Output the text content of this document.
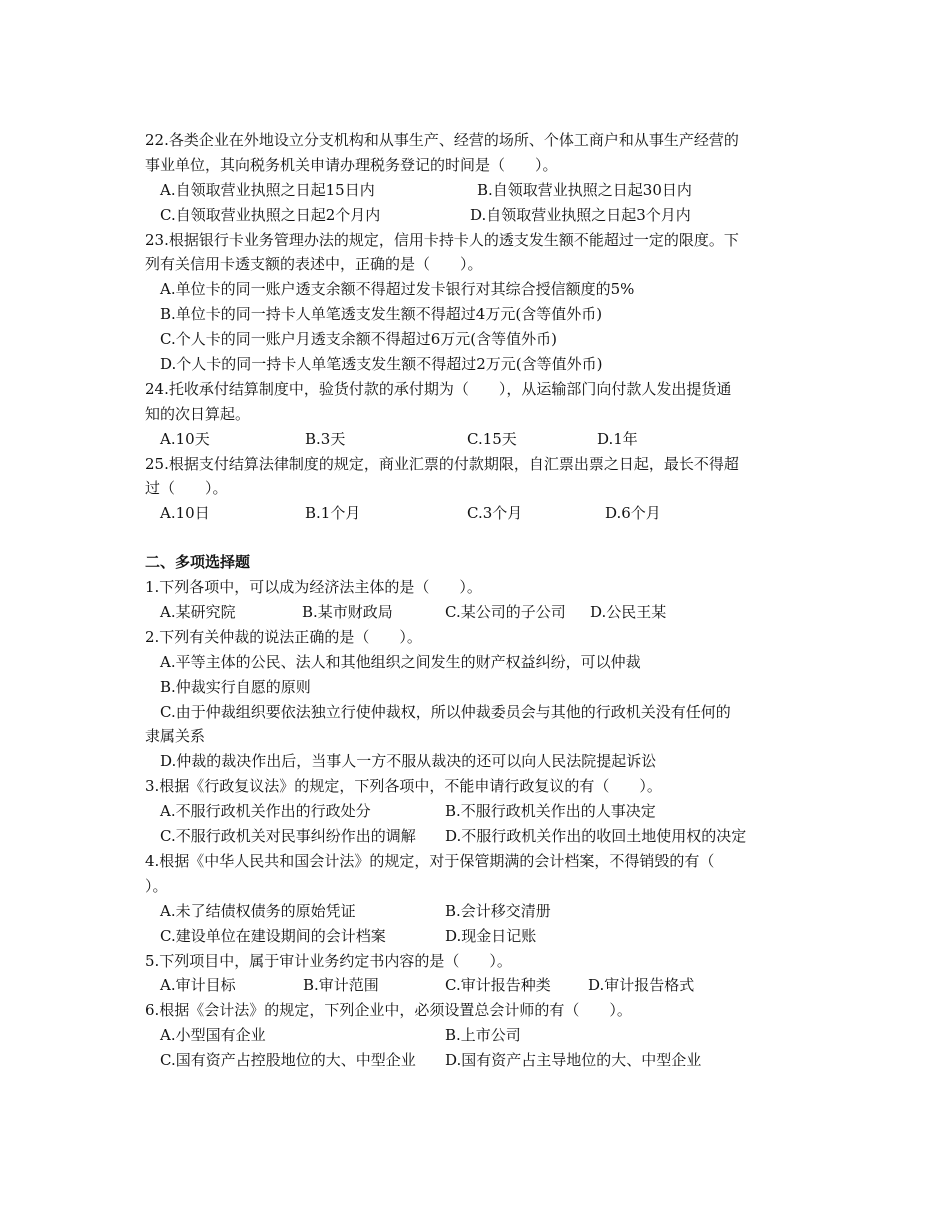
22.各类企业在外地设立分支机构和从事生产、经营的场所、个体工商户和从事生产经营的
事业单位，其向税务机关申请办理税务登记的时间是（　　）。
A.自领取营业执照之日起15日内	B.自领取营业执照之日起30日内
C.自领取营业执照之日起2个月内	D.自领取营业执照之日起3个月内
23.根据银行卡业务管理办法的规定，信用卡持卡人的透支发生额不能超过一定的限度。下
列有关信用卡透支额的表述中，正确的是（　　）。
A.单位卡的同一账户透支余额不得超过发卡银行对其综合授信额度的5%
B.单位卡的同一持卡人单笔透支发生额不得超过4万元(含等值外币)
C.个人卡的同一账户月透支余额不得超过6万元(含等值外币)
D.个人卡的同一持卡人单笔透支发生额不得超过2万元(含等值外币)
24.托收承付结算制度中，验货付款的承付期为（　　），从运输部门向付款人发出提货通
知的次日算起。
A.10天	B.3天	C.15天	D.1年
25.根据支付结算法律制度的规定，商业汇票的付款期限，自汇票出票之日起，最长不得超
过（　　）。
A.10日	B.1个月	C.3个月	D.6个月
二、多项选择题
1.下列各项中，可以成为经济法主体的是（　　）。
A.某研究院	B.某市财政局	C.某公司的子公司 D.公民王某
2.下列有关仲裁的说法正确的是（　　）。
A.平等主体的公民、法人和其他组织之间发生的财产权益纠纷，可以仲裁
B.仲裁实行自愿的原则
C.由于仲裁组织要依法独立行使仲裁权，所以仲裁委员会与其他的行政机关没有任何的
隶属关系
D.仲裁的裁决作出后，当事人一方不服从裁决的还可以向人民法院提起诉讼
3.根据《行政复议法》的规定，下列各项中，不能申请行政复议的有（　　）。
A.不服行政机关作出的行政处分	B.不服行政机关作出的人事决定
C.不服行政机关对民事纠纷作出的调解 D.不服行政机关作出的收回土地使用权的决定
4.根据《中华人民共和国会计法》的规定，对于保管期满的会计档案，不得销毁的有（
）。
A.未了结债权债务的原始凭证	B.会计移交清册
C.建设单位在建设期间的会计档案	D.现金日记账
5.下列项目中，属于审计业务约定书内容的是（　　）。
A.审计目标	B.审计范围	C.审计报告种类 D.审计报告格式
6.根据《会计法》的规定，下列企业中，必须设置总会计师的有（　　）。
A.小型国有企业	B.上市公司
C.国有资产占控股地位的大、中型企业 D.国有资产占主导地位的大、中型企业
